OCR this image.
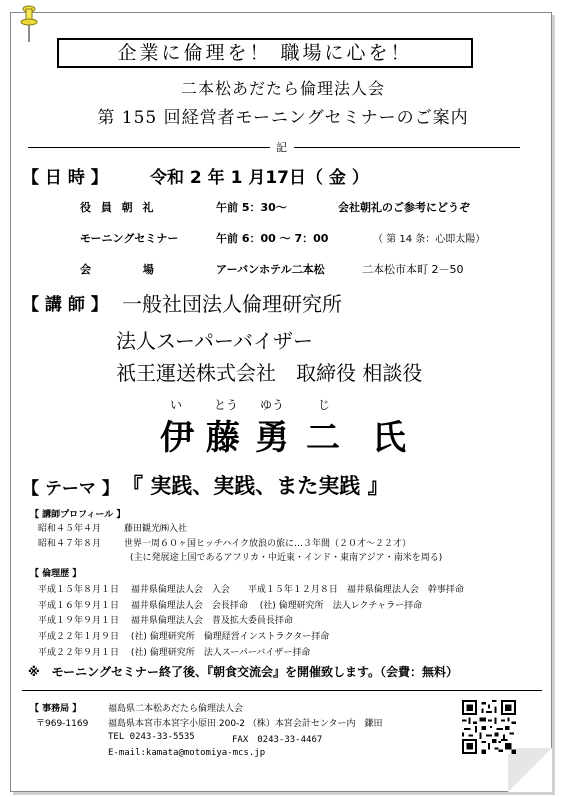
企業に倫理を！ 職場に心を！
二本松あだたら倫理法人会
第 155 回経営者モーニングセミナーのご案内
記
【 日 時 】 令和 2 年 1 月17日（ 金 ）
役 員 朝 礼	午前 5：30～	会社朝礼のご参考にどうぞ
モーニングセミナー	午前 6：00 ～ 7：00	（ 第 14 条：心即太陽）
会 場	アーバンホテル二本松	二本松市本町 2－50
【 講 師 】 一般社団法人倫理研究所
法人スーパーバイザー
祇王運送株式会社　取締役 相談役
い	とう ゆう	じ
伊 藤 勇 二 氏
【 テーマ 】 『 実践、実践、また実践 』
【 講師プロフィール 】
昭和４５年４月	藤田観光㈱入社
昭和４７年８月	世界一周６０ヶ国ヒッチハイク放浪の旅に…３年間（２０才～２２才）
(主に発展途上国であるアフリカ・中近東・インド・東南アジア・南米を周る)
【 倫理歴 】
平成１５年８月１日　 福井県倫理法人会　入会　　平成１５年１２月８日　福井県倫理法人会　幹事拝命
平成１６年９月１日　 福井県倫理法人会　会長拝命　 (社) 倫理研究所　法人レクチャラー拝命
平成１９年９月１日　 福井県倫理法人会　普及拡大委員長拝命
平成２２年１月９日　 (社) 倫理研究所　倫理経営インストラクター拝命
平成２２年９月１日　 (社) 倫理研究所　法人スーパーバイザー拝命
※　モーニングセミナー終了後、『朝食交流会』を開催致します。（会費：無料）
【 事務局 】	福島県二本松あだたら倫理法人会
〒969-1169 福島県本宮市本宮字小原田 200-2 （株）本宮会計センター内　鎌田
TEL 0243-33-5535	FAX　0243-33-4467
E-mail:kamata@motomiya-mcs.jp
